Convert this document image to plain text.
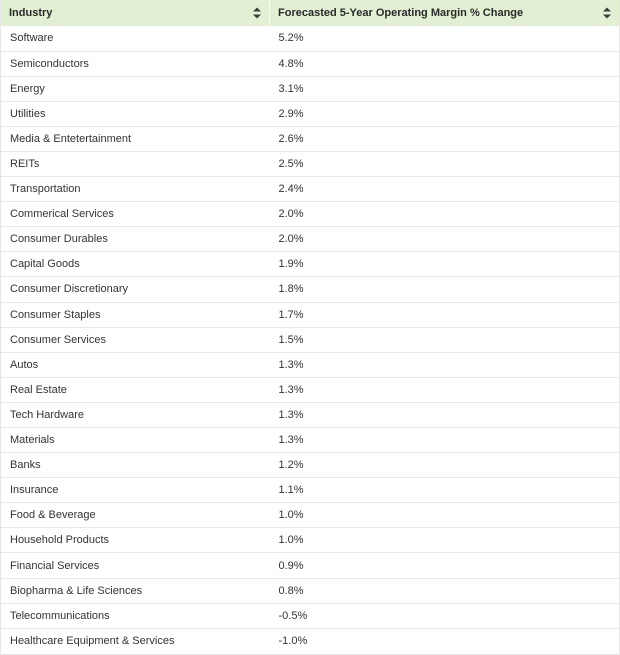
Industry	Forecasted 5-Year Operating Margin % Change

Software	5.2%
Semiconductors	4.8%
Energy	3.1%
Utilities	2.9%
Media & Entetertainment	2.6%
REITs	2.5%
Transportation	2.4%
Commerical Services	2.0%
Consumer Durables	2.0%
Capital Goods	1.9%
Consumer Discretionary	1.8%
Consumer Staples	1.7%
Consumer Services	1.5%
Autos	1.3%
Real Estate	1.3%
Tech Hardware	1.3%
Materials	1.3%
Banks	1.2%
Insurance	1.1%
Food & Beverage	1.0%
Household Products	1.0%
Financial Services	0.9%
Biopharma & Life Sciences	0.8%
Telecommunications	-0.5%
Healthcare Equipment & Services	-1.0%
